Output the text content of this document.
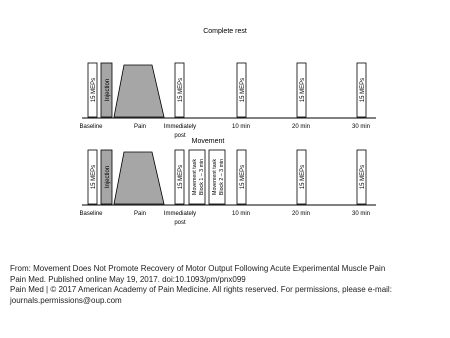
Complete rest
15 MEPs Injection	15 MEPs	15 MEPs	15 MEPs	15 MEPs
Baseline	Pain	Immediately
post
10 min	20 min	30 min
Movement
15 MEPs Injection	15 MEPs Movement task Block 1 – 3 min Movement task Block 2 – 3 min	15 MEPs	15 MEPs	15 MEPs
Baseline	Pain	Immediately
post
10 min	20 min	30 min
From: Movement Does Not Promote Recovery of Motor Output Following Acute Experimental Muscle Pain
Pain Med. Published online May 19, 2017. doi:10.1093/pm/pnx099
Pain Med | © 2017 American Academy of Pain Medicine. All rights reserved. For permissions, please e-mail:
journals.permissions@oup.com
